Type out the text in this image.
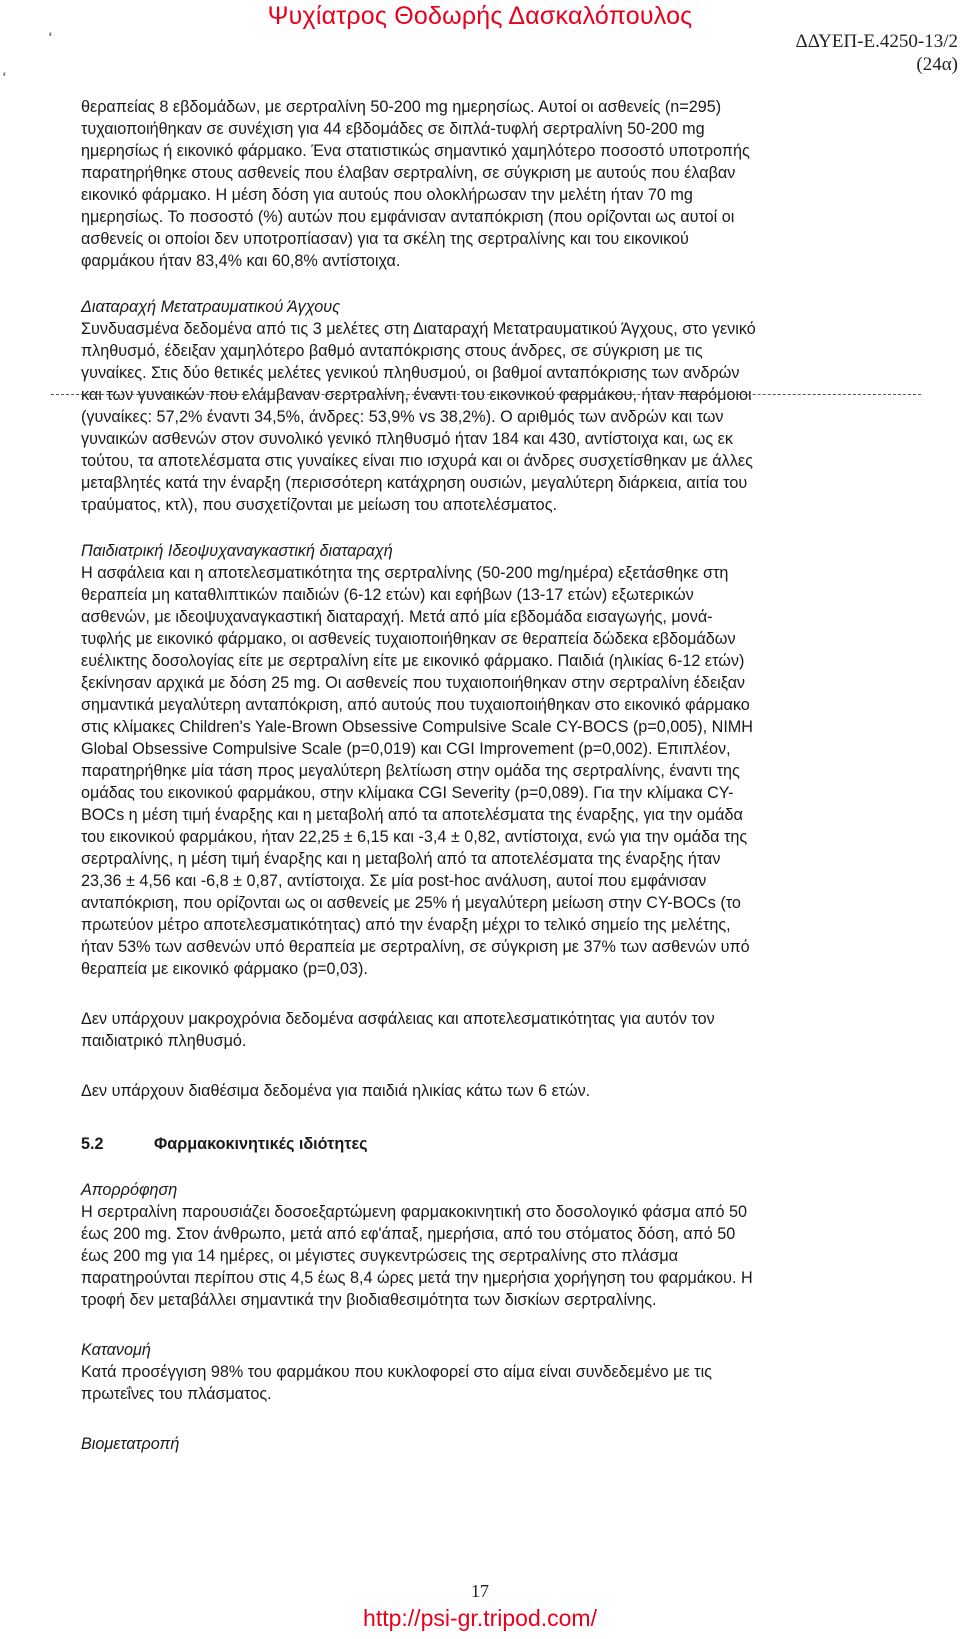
Ψυχίατρος Θοδωρής Δασκαλόπουλος
ΔΔΥΕΠ-Ε.4250-13/2
(24α)
‘
‘

θεραπείας 8 εβδομάδων, με σερτραλίνη 50-200 mg ημερησίως. Αυτοί οι ασθενείς (n=295)

τυχαιοποιήθηκαν σε συνέχιση για 44 εβδομάδες σε διπλά-τυφλή σερτραλίνη 50-200 mg

ημερησίως ή εικονικό φάρμακο. Ένα στατιστικώς σημαντικό χαμηλότερο ποσοστό υποτροπής

παρατηρήθηκε στους ασθενείς που έλαβαν σερτραλίνη, σε σύγκριση με αυτούς που έλαβαν

εικονικό φάρμακο. Η μέση δόση για αυτούς που ολοκλήρωσαν την μελέτη ήταν 70 mg

ημερησίως. Το ποσοστό (%) αυτών που εμφάνισαν ανταπόκριση (που ορίζονται ως αυτοί οι

ασθενείς οι οποίοι δεν υποτροπίασαν) για τα σκέλη της σερτραλίνης και του εικονικού

φαρμάκου ήταν 83,4% και 60,8% αντίστοιχα.

Διαταραχή Μετατραυματικού Άγχους

Συνδυασμένα δεδομένα από τις 3 μελέτες στη Διαταραχή Μετατραυματικού Άγχους, στο γενικό

πληθυσμό, έδειξαν χαμηλότερο βαθμό ανταπόκρισης στους άνδρες, σε σύγκριση με τις

γυναίκες. Στις δύο θετικές μελέτες γενικού πληθυσμού, οι βαθμοί ανταπόκρισης των ανδρών

και των γυναικών που ελάμβαναν σερτραλίνη, έναντι του εικονικού φαρμάκου, ήταν παρόμοιοι

(γυναίκες: 57,2% έναντι 34,5%, άνδρες: 53,9% vs 38,2%). Ο αριθμός των ανδρών και των

γυναικών ασθενών στον συνολικό γενικό πληθυσμό ήταν 184 και 430, αντίστοιχα και, ως εκ

τούτου, τα αποτελέσματα στις γυναίκες είναι πιο ισχυρά και οι άνδρες συσχετίσθηκαν με άλλες

μεταβλητές κατά την έναρξη (περισσότερη κατάχρηση ουσιών, μεγαλύτερη διάρκεια, αιτία του

τραύματος, κτλ), που συσχετίζονται με μείωση του αποτελέσματος.

Παιδιατρική Ιδεοψυχαναγκαστική διαταραχή

Η ασφάλεια και η αποτελεσματικότητα της σερτραλίνης (50-200 mg/ημέρα) εξετάσθηκε στη

θεραπεία μη καταθλιπτικών παιδιών (6-12 ετών) και εφήβων (13-17 ετών) εξωτερικών

ασθενών, με ιδεοψυχαναγκαστική διαταραχή. Μετά από μία εβδομάδα εισαγωγής, μονά-

τυφλής με εικονικό φάρμακο, οι ασθενείς τυχαιοποιήθηκαν σε θεραπεία δώδεκα εβδομάδων

ευέλικτης δοσολογίας είτε με σερτραλίνη είτε με εικονικό φάρμακο. Παιδιά (ηλικίας 6-12 ετών)

ξεκίνησαν αρχικά με δόση 25 mg. Οι ασθενείς που τυχαιοποιήθηκαν στην σερτραλίνη έδειξαν

σημαντικά μεγαλύτερη ανταπόκριση, από αυτούς που τυχαιοποιήθηκαν στο εικονικό φάρμακο

στις κλίμακες Children's Yale-Brown Obsessive Compulsive Scale CY-BOCS (p=0,005), NIMH

Global Obsessive Compulsive Scale (p=0,019) και CGI Improvement (p=0,002). Επιπλέον,

παρατηρήθηκε μία τάση προς μεγαλύτερη βελτίωση στην ομάδα της σερτραλίνης, έναντι της

ομάδας του εικονικού φαρμάκου, στην κλίμακα CGI Severity (p=0,089). Για την κλίμακα CY-

BOCs η μέση τιμή έναρξης και η μεταβολή από τα αποτελέσματα της έναρξης, για την ομάδα

του εικονικού φαρμάκου, ήταν 22,25 ± 6,15 και -3,4 ± 0,82, αντίστοιχα, ενώ για την ομάδα της

σερτραλίνης, η μέση τιμή έναρξης και η μεταβολή από τα αποτελέσματα της έναρξης ήταν

23,36 ± 4,56 και -6,8 ± 0,87, αντίστοιχα. Σε μία post-hoc ανάλυση, αυτοί που εμφάνισαν

ανταπόκριση, που ορίζονται ως οι ασθενείς με 25% ή μεγαλύτερη μείωση στην CY-BOCs (το

πρωτεύον μέτρο αποτελεσματικότητας) από την έναρξη μέχρι το τελικό σημείο της μελέτης,

ήταν 53% των ασθενών υπό θεραπεία με σερτραλίνη, σε σύγκριση με 37% των ασθενών υπό

θεραπεία με εικονικό φάρμακο (p=0,03).

Δεν υπάρχουν μακροχρόνια δεδομένα ασφάλειας και αποτελεσματικότητας για αυτόν τον

παιδιατρικό πληθυσμό.

Δεν υπάρχουν διαθέσιμα δεδομένα για παιδιά ηλικίας κάτω των 6 ετών.

5.2	Φαρμακοκινητικές ιδιότητες

Απορρόφηση

Η σερτραλίνη παρουσιάζει δοσοεξαρτώμενη φαρμακοκινητική στο δοσολογικό φάσμα από 50

έως 200 mg. Στον άνθρωπο, μετά από εφ'άπαξ, ημερήσια, από του στόματος δόση, από 50

έως 200 mg για 14 ημέρες, οι μέγιστες συγκεντρώσεις της σερτραλίνης στο πλάσμα

παρατηρούνται περίπου στις 4,5 έως 8,4 ώρες μετά την ημερήσια χορήγηση του φαρμάκου. Η

τροφή δεν μεταβάλλει σημαντικά την βιοδιαθεσιμότητα των δισκίων σερτραλίνης.

Κατανομή

Κατά προσέγγιση 98% του φαρμάκου που κυκλοφορεί στο αίμα είναι συνδεδεμένο με τις

πρωτεΐνες του πλάσματος.

Βιομετατροπή

17
http://psi-gr.tripod.com/
